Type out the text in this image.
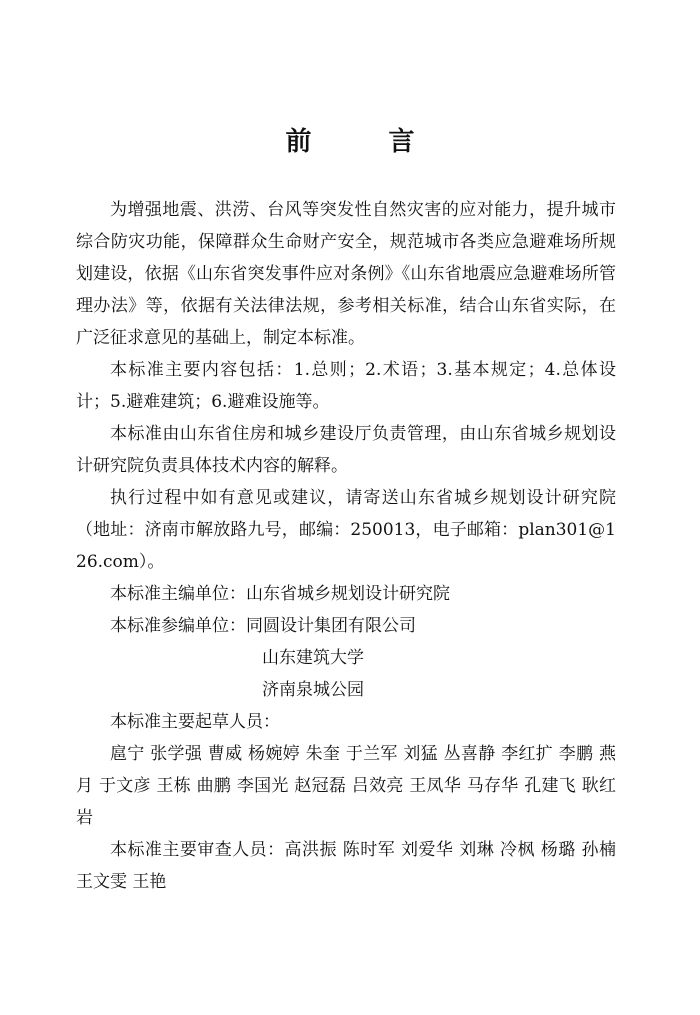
前 言

为增强地震、洪涝、台风等突发性自然灾害的应对能力，提升城市综合防灾功能，保障群众生命财产安全，规范城市各类应急避难场所规划建设，依据《山东省突发事件应对条例》《山东省地震应急避难场所管理办法》等，依据有关法律法规，参考相关标准，结合山东省实际，在广泛征求意见的基础上，制定本标准。

本标准主要内容包括：1.总则；2.术语；3.基本规定；4.总体设计；5.避难建筑；6.避难设施等。

本标准由山东省住房和城乡建设厅负责管理，由山东省城乡规划设计研究院负责具体技术内容的解释。

执行过程中如有意见或建议，请寄送山东省城乡规划设计研究院（地址：济南市解放路九号，邮编：250013，电子邮箱：plan301@126.com）。

本标准主编单位：山东省城乡规划设计研究院

本标准参编单位：同圆设计集团有限公司

山东建筑大学

济南泉城公园

本标准主要起草人员：

扈宁 张学强 曹威 杨婉婷 朱奎 于兰军 刘猛 丛喜静 李红扩 李鹏 燕月 于文彦 王栋 曲鹏 李国光 赵冠磊 吕效亮 王凤华 马存华 孔建飞 耿红岩

本标准主要审查人员：高洪振 陈时军 刘爱华 刘琳 冷枫 杨璐 孙楠 王文雯 王艳
